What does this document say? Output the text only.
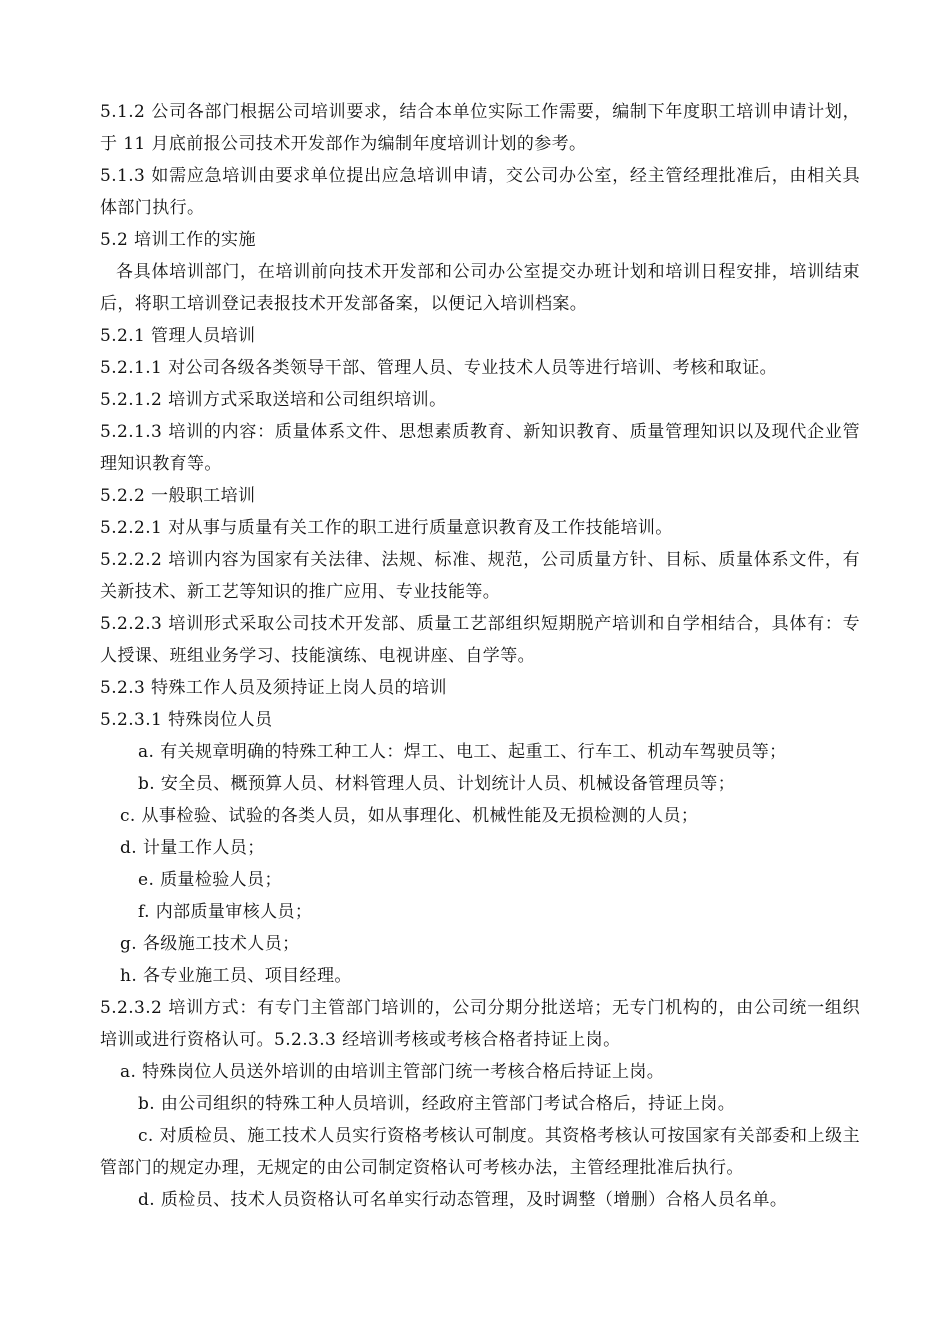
5.1.2 公司各部门根据公司培训要求，结合本单位实际工作需要，编制下年度职工培训申请计划，于 11 月底前报公司技术开发部作为编制年度培训计划的参考。

5.1.3 如需应急培训由要求单位提出应急培训申请，交公司办公室，经主管经理批准后，由相关具体部门执行。

5.2 培训工作的实施

各具体培训部门，在培训前向技术开发部和公司办公室提交办班计划和培训日程安排，培训结束后，将职工培训登记表报技术开发部备案，以便记入培训档案。

5.2.1 管理人员培训

5.2.1.1 对公司各级各类领导干部、管理人员、专业技术人员等进行培训、考核和取证。

5.2.1.2 培训方式采取送培和公司组织培训。

5.2.1.3 培训的内容：质量体系文件、思想素质教育、新知识教育、质量管理知识以及现代企业管理知识教育等。

5.2.2 一般职工培训

5.2.2.1 对从事与质量有关工作的职工进行质量意识教育及工作技能培训。

5.2.2.2 培训内容为国家有关法律、法规、标准、规范，公司质量方针、目标、质量体系文件，有关新技术、新工艺等知识的推广应用、专业技能等。

5.2.2.3 培训形式采取公司技术开发部、质量工艺部组织短期脱产培训和自学相结合，具体有：专人授课、班组业务学习、技能演练、电视讲座、自学等。

5.2.3 特殊工作人员及须持证上岗人员的培训

5.2.3.1 特殊岗位人员

a. 有关规章明确的特殊工种工人：焊工、电工、起重工、行车工、机动车驾驶员等；

b. 安全员、概预算人员、材料管理人员、计划统计人员、机械设备管理员等；

c. 从事检验、试验的各类人员，如从事理化、机械性能及无损检测的人员；

d. 计量工作人员；

e. 质量检验人员；

f. 内部质量审核人员；

g. 各级施工技术人员；

h. 各专业施工员、项目经理。

5.2.3.2 培训方式：有专门主管部门培训的，公司分期分批送培；无专门机构的，由公司统一组织培训或进行资格认可。5.2.3.3 经培训考核或考核合格者持证上岗。

a. 特殊岗位人员送外培训的由培训主管部门统一考核合格后持证上岗。

b. 由公司组织的特殊工种人员培训，经政府主管部门考试合格后，持证上岗。

c. 对质检员、施工技术人员实行资格考核认可制度。其资格考核认可按国家有关部委和上级主管部门的规定办理，无规定的由公司制定资格认可考核办法，主管经理批准后执行。

d. 质检员、技术人员资格认可名单实行动态管理，及时调整（增删）合格人员名单。
